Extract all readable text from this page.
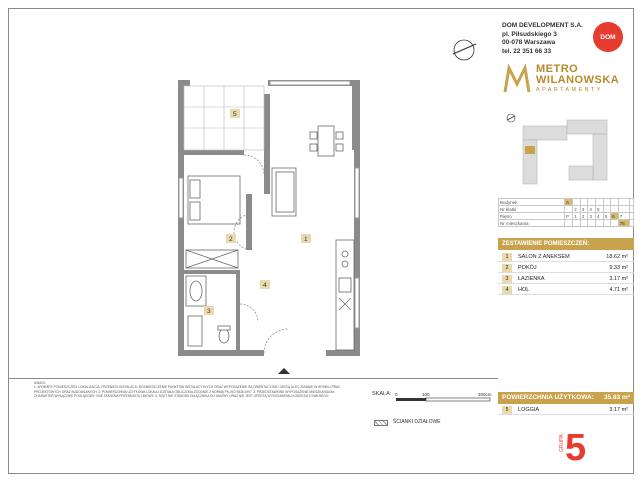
5
1
2
3
4
DOM DEVELOPMENT S.A.
pl. Piłsudskiego 3
00-078 Warszawa
tel. 22 351 66 33
DOM
METRO
WILANOWSKA
APARTAMENTY
Budynek	A								
Nr klatki		2	3	4	5				
Piętro	P	1	2	3	4	5	6	7	
Nr mieszkania								75	
ZESTAWIENIE POMIESZCZEŃ:
1	SALON Z ANEKSEM	18.62 m²
2	POKÓJ	9.33 m²
3	ŁAZIENKA	3.17 m²
4	HOL	4.71 m²
POWIERZCHNIA UŻYTKOWA: 35.83 m²
5	LOGGIA	3.17 m²
GRUPA 5
UWAGI:
1. WYMIARY POMIESZCZEŃ, LOKALIZACJA, PRZEBIEGI INSTALACJI, ROZMIESZCZENIE PUNKTÓW INSTALACYJNYCH ORAZ WYPOSAŻENIE SĄ ORIENTACYJNE I MOGĄ ULEC ZMIANIE W WYNIKU PRAC PROJEKTOWYCH ORAZ BUDOWLANYCH. 2. POWIERZCHNIA UŻYTKOWA LOKALU ZOSTAŁA OBLICZONA ZGODNIE Z NORMĄ PN-ISO 9836:1997. 3. PRZEDSTAWIONE WYPOSAŻENIE MIESZKANIA MA CHARAKTER WYŁĄCZNIE POGLĄDOWY I NIE STANOWI PRZEDMIOTU UMOWY. 4. RZUT NIE STANOWI ZAŁĄCZNIKA DO UMOWY ORAZ NIE JEST OFERTĄ W ROZUMIENIU KODEKSU CYWILNEGO.	SKALA: 0	100	300cm
ŚCIANKI DZIAŁOWE
